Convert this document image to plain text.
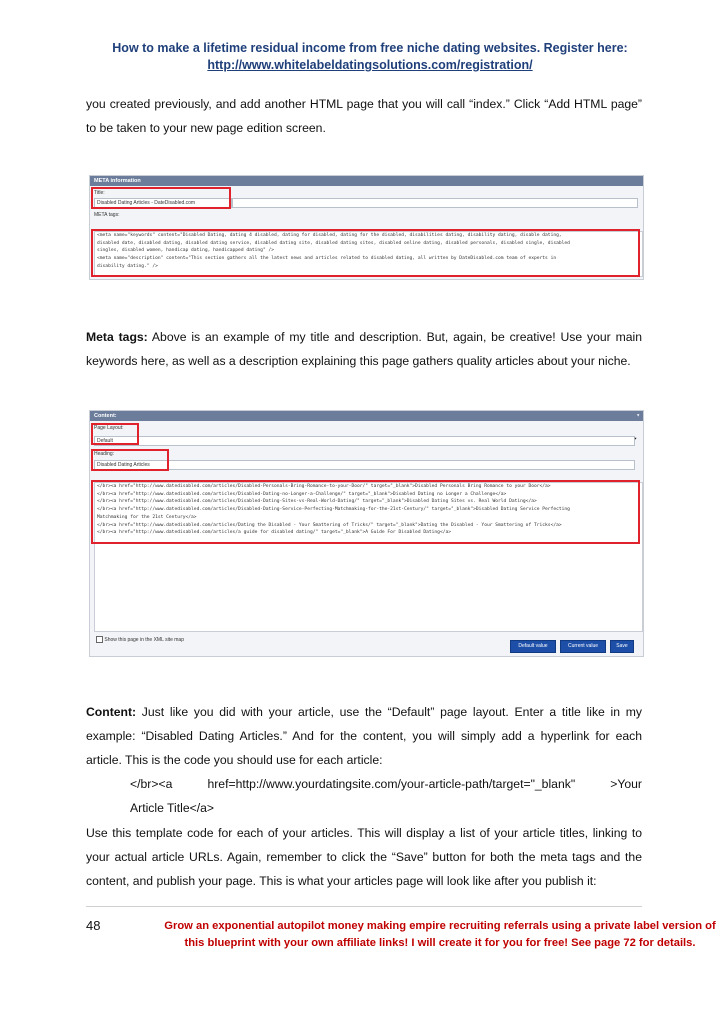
How to make a lifetime residual income from free niche dating websites. Register here:
http://www.whitelabeldatingsolutions.com/registration/
you created previously, and add another HTML page that you will call “index.” Click “Add HTML page” to be taken to your new page edition screen.
META information
Title:
Disabled Dating Articles - DateDisabled.com
META tags:
<meta name="keywords" content="Disabled Dating, dating 4 disabled, dating for disabled, dating for the disabled, disabilities dating, disability dating, disable dating,
disabled date, disabled dating, disabled dating service, disabled dating site, disabled dating sites, disabled online dating, disabled personals, disabled single, disabled
singles, disabled women, handicap dating, handicapped dating" />
<meta name="description" content="This section gathers all the latest news and articles related to disabled dating, all written by DateDisabled.com team of experts in
disability dating." />
Meta tags: Above is an example of my title and description. But, again, be creative! Use your main keywords here, as well as a description explaining this page gathers quality articles about your niche.
Content:	▾
Page Layout:
Default	▾
Heading:
Disabled Dating Articles
</br><a href="http://www.datedisabled.com/articles/Disabled-Personals-Bring-Romance-to-your-Door/" target="_blank">Disabled Personals Bring Romance to your Door</a>
</br><a href="http://www.datedisabled.com/articles/Disabled-Dating-no-Longer-a-Challenge/" target="_blank">Disabled Dating no Longer a Challenge</a>
</br><a href="http://www.datedisabled.com/articles/Disabled-Dating-Sites-vs-Real-World-Dating/" target="_blank">Disabled Dating Sites vs. Real World Dating</a>
</br><a href="http://www.datedisabled.com/articles/Disabled-Dating-Service-Perfecting-Matchmaking-for-the-21st-Century/" target="_blank">Disabled Dating Service Perfecting
Matchmaking for the 21st Century</a>
</br><a href="http://www.datedisabled.com/articles/Dating the Disabled - Your Smattering of Tricks/" target="_blank">Dating the Disabled - Your Smattering of Tricks</a>
</br><a href="http://www.datedisabled.com/articles/a guide for disabled dating/" target="_blank">A Guide For Disabled Dating</a>
Show this page in the XML site map
Default value	Current value	Save
Content: Just like you did with your article, use the “Default” page layout. Enter a title like in my example: “Disabled Dating Articles.” And for the content, you will simply add a hyperlink for each article. This is the code you should use for each article:
</br><a	href=http://www.yourdatingsite.com/your-article-path/target="_blank"	>Your
Article Title</a>
Use this template code for each of your articles. This will display a list of your article titles, linking to your actual article URLs. Again, remember to click the “Save” button for both the meta tags and the content, and publish your page. This is what your articles page will look like after you publish it:
48	Grow an exponential autopilot money making empire recruiting referrals using a private label version of this blueprint with your own affiliate links! I will create it for you for free! See page 72 for details.
